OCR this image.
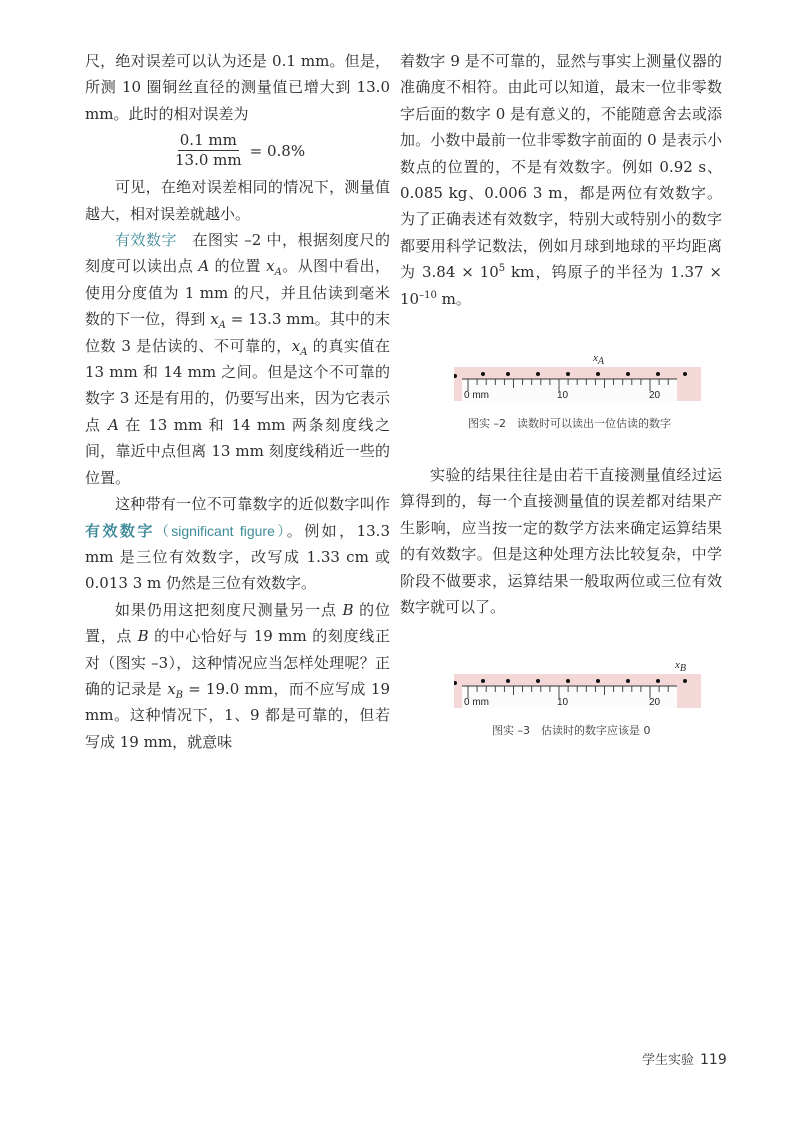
尺，绝对误差可以认为还是 0.1 mm。但是，所测 10 圈铜丝直径的测量值已增大到 13.0 mm。此时的相对误差为

$\frac{0.1 mm}{13.0 mm} = 0.8\%$

可见，在绝对误差相同的情况下，测量值越大，相对误差就越小。

有效数字　 在图实 –2 中，根据刻度尺的刻度可以读出点 A 的位置 $x_A$。从图中看出，使用分度值为 1 mm 的尺，并且估读到毫米数的下一位，得到 $x_A = 13.3$ mm。其中的末位数 3 是估读的、不可靠的，$x_A$ 的真实值在 13 mm 和 14 mm 之间。但是这个不可靠的数字 3 还是有用的，仍要写出来，因为它表示点 A 在 13 mm 和 14 mm 两条刻度线之间，靠近中点但离 13 mm 刻度线稍近一些的位置。

这种带有一位不可靠数字的近似数字叫作有效数字（significant figure）。例如，13.3 mm 是三位有效数字，改写成 1.33 cm 或 0.013 3 m 仍然是三位有效数字。

如果仍用这把刻度尺测量另一点 B 的位置，点 B 的中心恰好与 19 mm 的刻度线正对（图实 –3），这种情况应当怎样处理呢？正确的记录是 $x_B = 19.0$ mm，而不应写成 19 mm。这种情况下，1、9 都是可靠的，但若写成 19 mm，就意味

着数字 9 是不可靠的，显然与事实上测量仪器的准确度不相符。由此可以知道，最末一位非零数字后面的数字 0 是有意义的，不能随意舍去或添加。小数中最前一位非零数字前面的 0 是表示小数点的位置的，不是有效数字。例如 0.92 s、0.085 kg、0.006 3 m，都是两位有效数字。为了正确表述有效数字，特别大或特别小的数字都要用科学记数法，例如月球到地球的平均距离为 $3.84 \times 10^5$ km，钨原子的半径为 $1.37 \times 10^{-10}$ m。

实验的结果往往是由若干直接测量值经过运算得到的，每一个直接测量值的误差都对结果产生影响，应当按一定的数学方法来确定运算结果的有效数字。但是这种处理方法比较复杂，中学阶段不做要求，运算结果一般取两位或三位有效数字就可以了。

$x_A$
0 mm	10	20
图实 –2　读数时可以读出一位估读的数字
$x_B$
0 mm	10	20
图实 –3　估读时的数字应该是 0
学生实验 119
